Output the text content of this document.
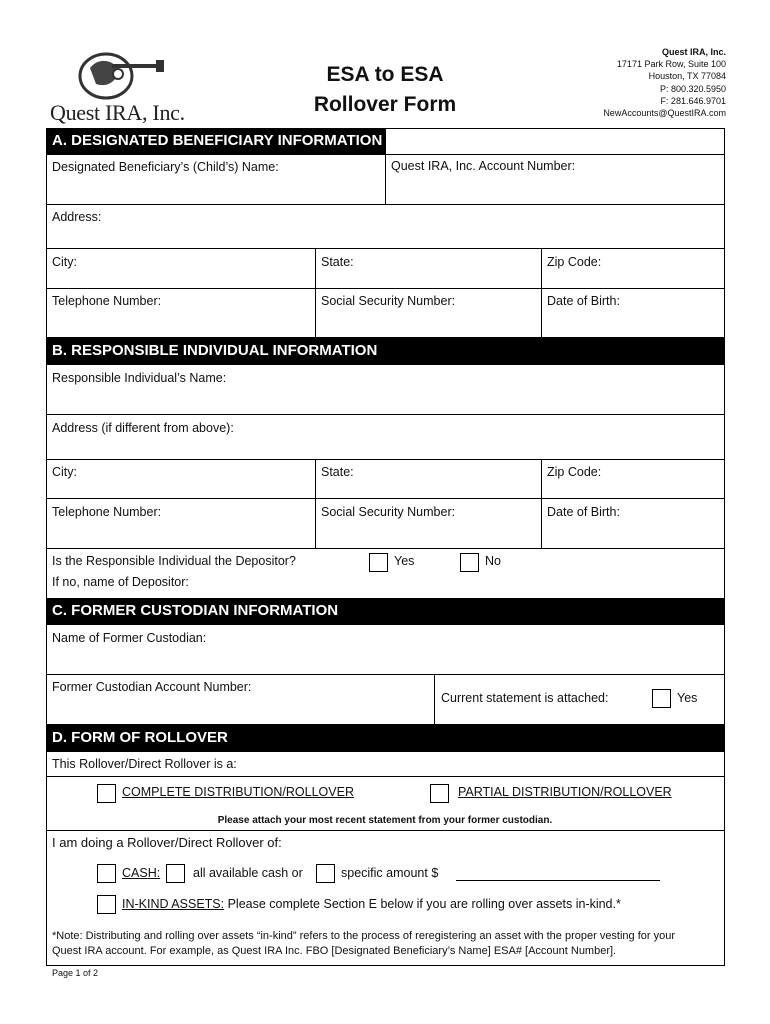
Quest IRA, Inc.
ESA to ESA
Rollover Form
Quest IRA, Inc.
17171 Park Row, Suite 100
Houston, TX 77084
P: 800.320.5950
F: 281.646.9701
NewAccounts@QuestIRA.com
A. DESIGNATED BENEFICIARY INFORMATION
Designated Beneficiary’s (Child’s) Name:	Quest IRA, Inc. Account Number:
Address:
City:	State:	Zip Code:
Telephone Number:	Social Security Number:	Date of Birth:
B. RESPONSIBLE INDIVIDUAL INFORMATION
Responsible Individual’s Name:
Address (if different from above):
City:	State:	Zip Code:
Telephone Number:	Social Security Number:	Date of Birth:
Is the Responsible Individual the Depositor?	Yes	No
If no, name of Depositor:
C. FORMER CUSTODIAN INFORMATION
Name of Former Custodian:
Former Custodian Account Number:
Current statement is attached:	Yes
D. FORM OF ROLLOVER
This Rollover/Direct Rollover is a:
COMPLETE DISTRIBUTION/ROLLOVER	PARTIAL DISTRIBUTION/ROLLOVER
Please attach your most recent statement from your former custodian.
I am doing a Rollover/Direct Rollover of:
CASH:	all available cash or	specific amount $
IN-KIND ASSETS: Please complete Section E below if you are rolling over assets in-kind.*
*Note: Distributing and rolling over assets “in-kind” refers to the process of reregistering an asset with the proper vesting for your
Quest IRA account. For example, as Quest IRA Inc. FBO [Designated Beneficiary’s Name] ESA# [Account Number].
Page 1 of 2
